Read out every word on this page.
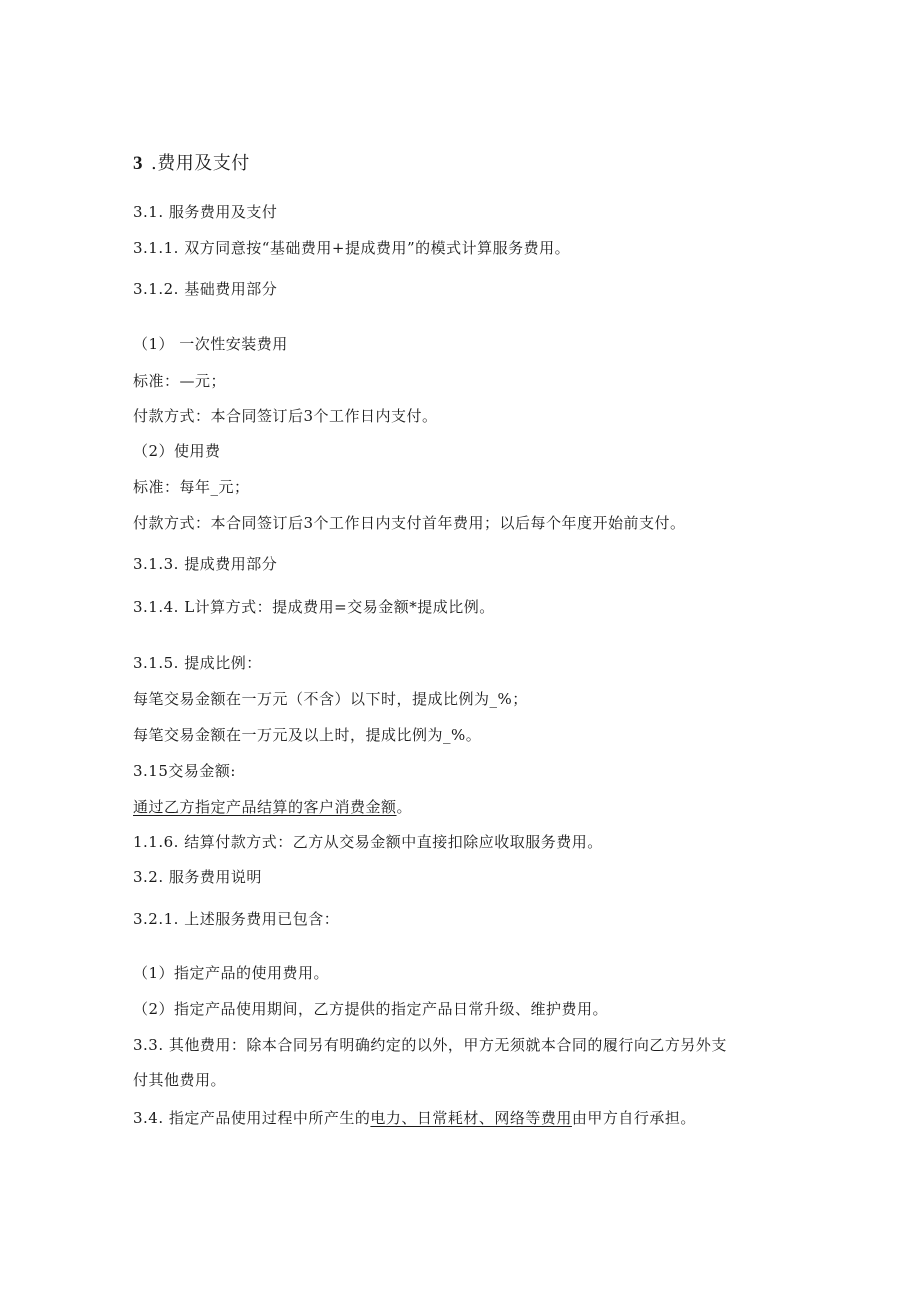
3 .费用及支付
3.1. 服务费用及支付
3.1.1. 双方同意按“基础费用+提成费用”的模式计算服务费用。
3.1.2. 基础费用部分
（1） 一次性安装费用
标准：—元；
付款方式：本合同签订后3个工作日内支付。
（2）使用费
标准：每年_元；
付款方式：本合同签订后3个工作日内支付首年费用；以后每个年度开始前支付。
3.1.3. 提成费用部分
3.1.4. L计算方式：提成费用=交易金额*提成比例。
3.1.5. 提成比例：
每笔交易金额在一万元（不含）以下时，提成比例为_%；
每笔交易金额在一万元及以上时，提成比例为_%。
3.15交易金额:
通过乙方指定产品结算的客户消费金额。
1.1.6. 结算付款方式：乙方从交易金额中直接扣除应收取服务费用。
3.2. 服务费用说明
3.2.1. 上述服务费用已包含：
（1）指定产品的使用费用。
（2）指定产品使用期间，乙方提供的指定产品日常升级、维护费用。
3.3. 其他费用：除本合同另有明确约定的以外，甲方无须就本合同的履行向乙方另外支
付其他费用。
3.4. 指定产品使用过程中所产生的电力、日常耗材、网络等费用由甲方自行承担。
